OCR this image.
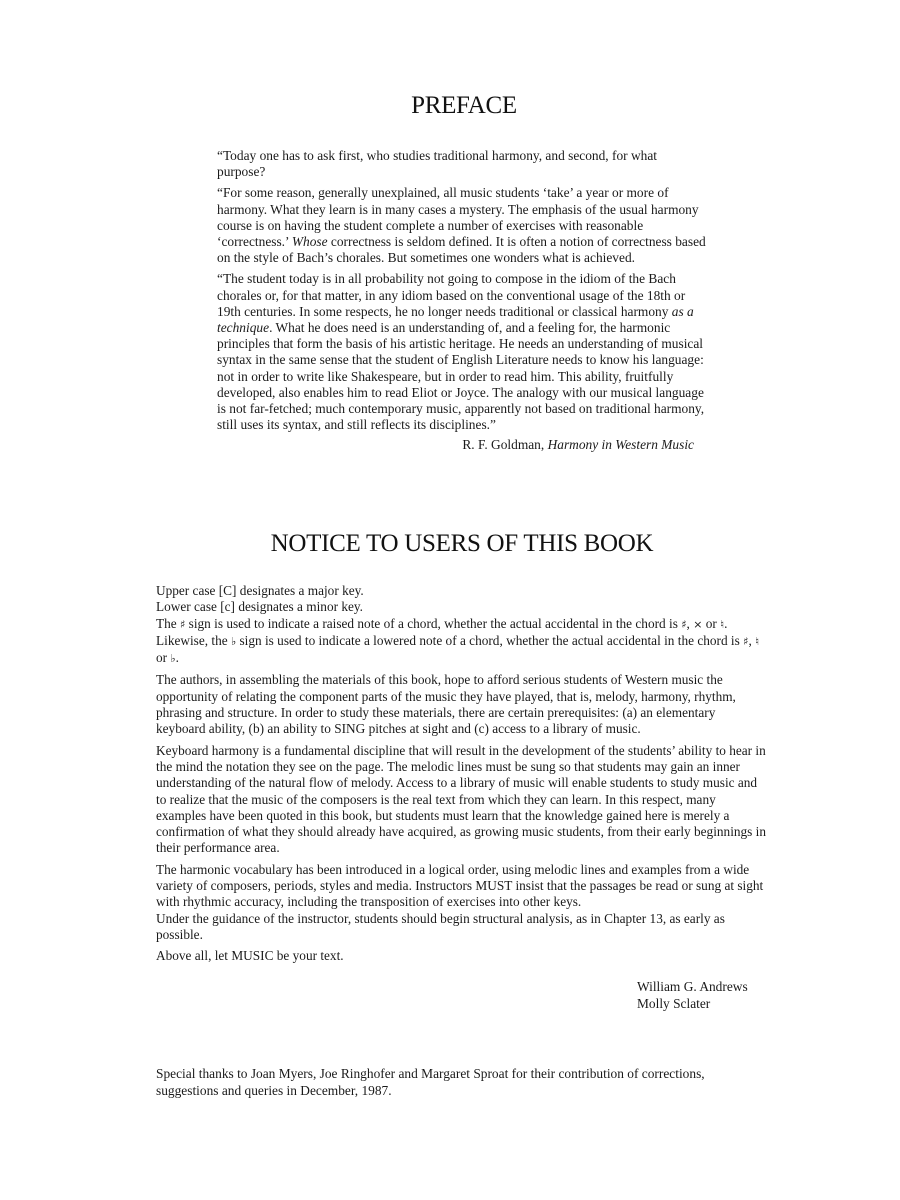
PREFACE

“Today one has to ask first, who studies traditional harmony, and second, for what purpose?

“For some reason, generally unexplained, all music students ‘take’ a year or more of harmony. What they learn is in many cases a mystery. The emphasis of the usual harmony course is on having the student complete a number of exercises with reasonable ‘correctness.’ Whose correctness is seldom defined. It is often a notion of correctness based on the style of Bach’s chorales. But sometimes one wonders what is achieved.

“The student today is in all probability not going to compose in the idiom of the Bach chorales or, for that matter, in any idiom based on the conventional usage of the 18th or 19th centuries. In some respects, he no longer needs traditional or classical harmony as a technique. What he does need is an understanding of, and a feeling for, the harmonic principles that form the basis of his artistic heritage. He needs an understanding of musical syntax in the same sense that the student of English Literature needs to know his language: not in order to write like Shakespeare, but in order to read him. This ability, fruitfully developed, also enables him to read Eliot or Joyce. The analogy with our musical language is not far-fetched; much contemporary music, apparently not based on traditional harmony, still uses its syntax, and still reflects its disciplines.”

R. F. Goldman, Harmony in Western Music
NOTICE TO USERS OF THIS BOOK

Upper case [C] designates a major key.

Lower case [c] designates a minor key.

The ♯ sign is used to indicate a raised note of a chord, whether the actual accidental in the chord is ♯, × or ♮. Likewise, the ♭ sign is used to indicate a lowered note of a chord, whether the actual accidental in the chord is ♯, ♮ or ♭.

The authors, in assembling the materials of this book, hope to afford serious students of Western music the opportunity of relating the component parts of the music they have played, that is, melody, harmony, rhythm, phrasing and structure. In order to study these materials, there are certain prerequisites: (a) an elementary keyboard ability, (b) an ability to SING pitches at sight and (c) access to a library of music.

Keyboard harmony is a fundamental discipline that will result in the development of the students’ ability to hear in the mind the notation they see on the page. The melodic lines must be sung so that students may gain an inner understanding of the natural flow of melody. Access to a library of music will enable students to study music and to realize that the music of the composers is the real text from which they can learn. In this respect, many examples have been quoted in this book, but students must learn that the knowledge gained here is merely a confirmation of what they should already have acquired, as growing music students, from their early beginnings in their performance area.

The harmonic vocabulary has been introduced in a logical order, using melodic lines and examples from a wide variety of composers, periods, styles and media. Instructors MUST insist that the passages be read or sung at sight with rhythmic accuracy, including the transposition of exercises into other keys.

Under the guidance of the instructor, students should begin structural analysis, as in Chapter 13, as early as possible.

Above all, let MUSIC be your text.

William G. Andrews
Molly Sclater

Special thanks to Joan Myers, Joe Ringhofer and Margaret Sproat for their contribution of corrections, suggestions and queries in December, 1987.
